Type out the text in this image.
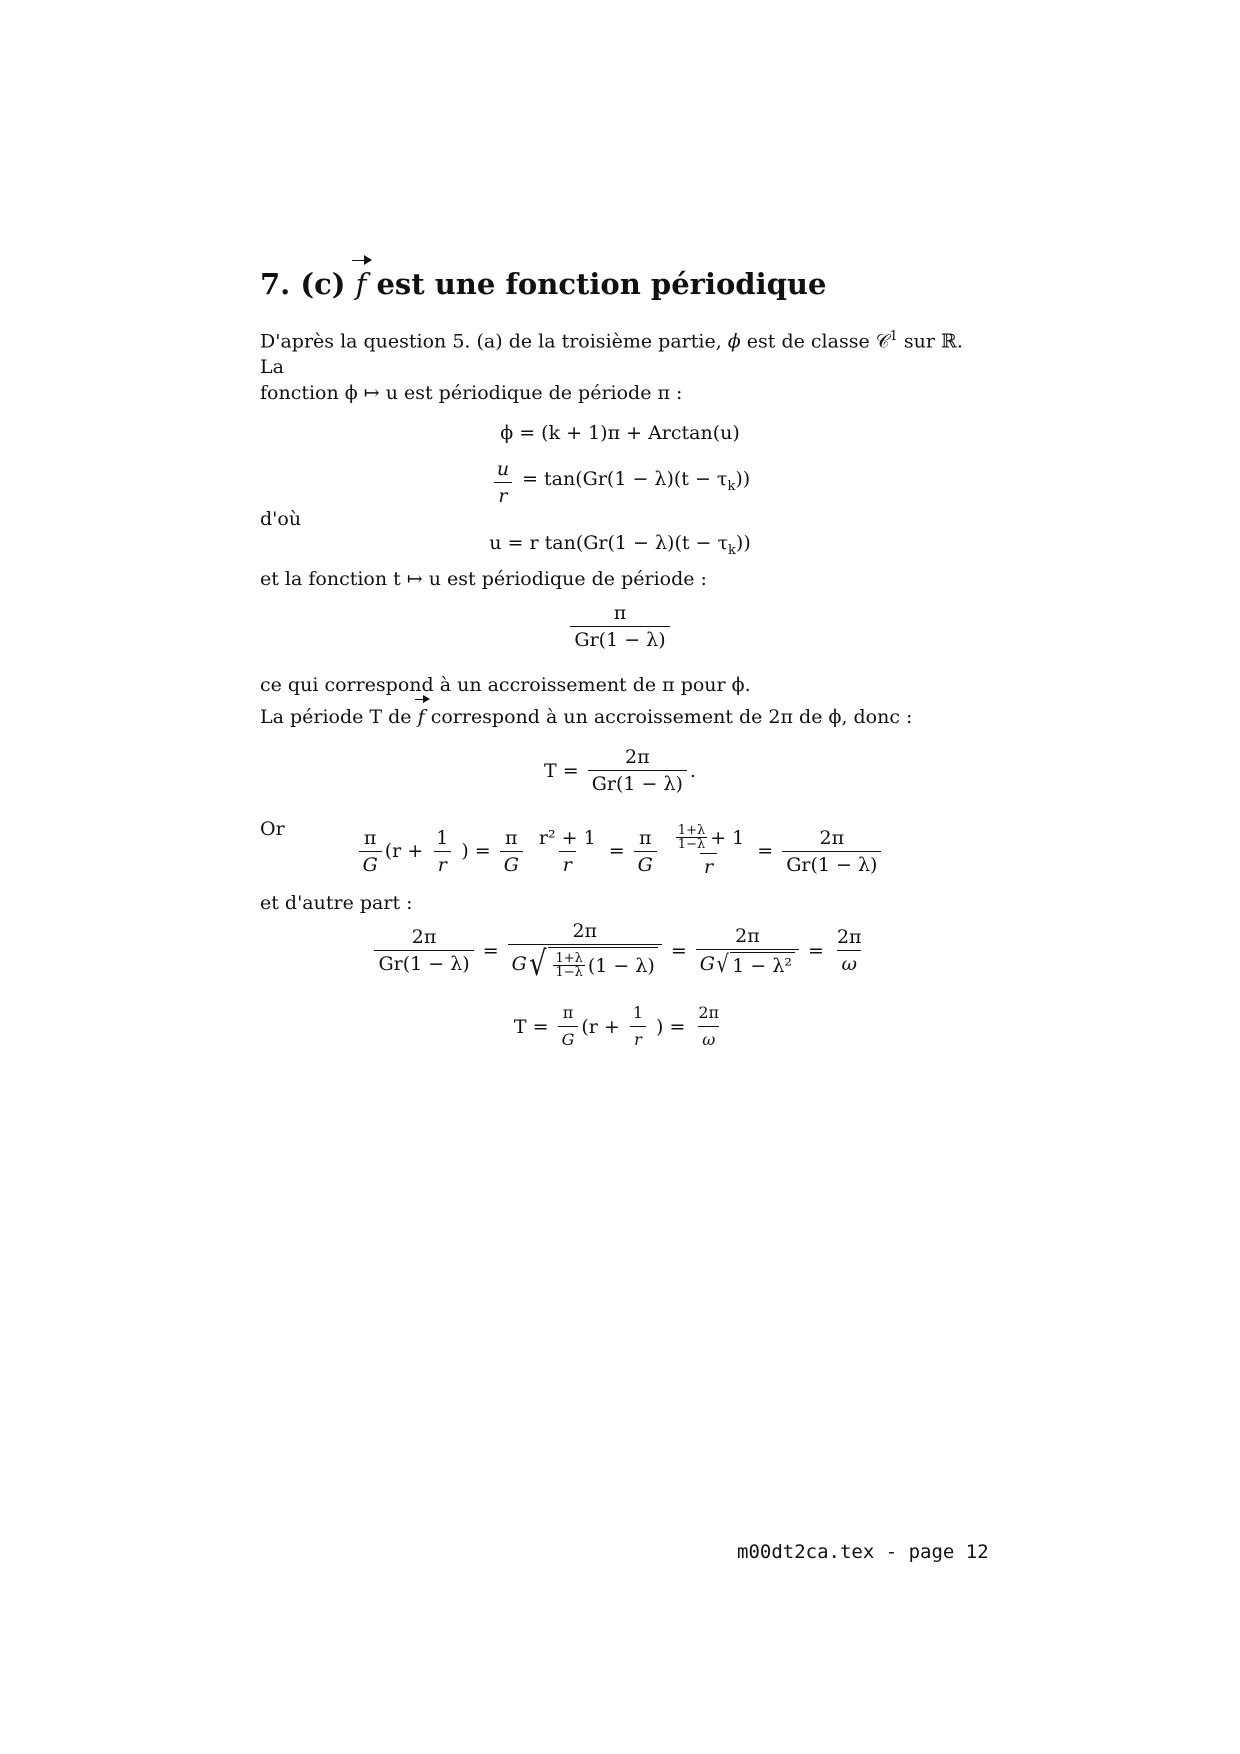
7. (c) f est une fonction périodique

D'après la question 5. (a) de la troisième partie, ϕ est de classe 𝒞$^1$ sur ℝ. La
fonction ϕ ↦ u est périodique de période π :

ϕ = (k + 1)π + Arctan(u)
$\frac{u}{r} = \tan(Gr(1 - \lambda)(t - \tau_k))$
d'où
u = r $\tan(Gr(1 - \lambda)(t - \tau_k))$
et la fonction t ↦ u est périodique de période :
$\frac{\pi}{Gr(1 - \lambda)}$
ce qui correspond à un accroissement de π pour ϕ.
La période T de f correspond à un accroissement de 2π de ϕ, donc :
$T = \frac{2\pi}{Gr(1 - \lambda)}$ .
Or	$\frac{\pi}{G} (r + \frac{1}{r}$ ) = $\frac{\pi}{G} \frac{\text{r² + 1}}{r} = \frac{\pi}{G} \frac{\frac{1+\lambda}{1-\lambda} + 1}{r} = \frac{2\pi}{Gr(1 - \lambda)}$
et d'autre part :
$\frac{2\pi}{Gr(1 - \lambda)} = \frac{2\pi}{G √ \frac{1+\lambda}{1-\lambda} (1 - \lambda)} = \frac{2\pi}{\text{G √ 1 − λ²}} = \frac{2\pi}{\omega}$
$T = \frac{\pi}{G} (r + \frac{1}{r}$ ) = $\frac{2\pi}{\omega}$
m00dt2ca.tex - page 12
